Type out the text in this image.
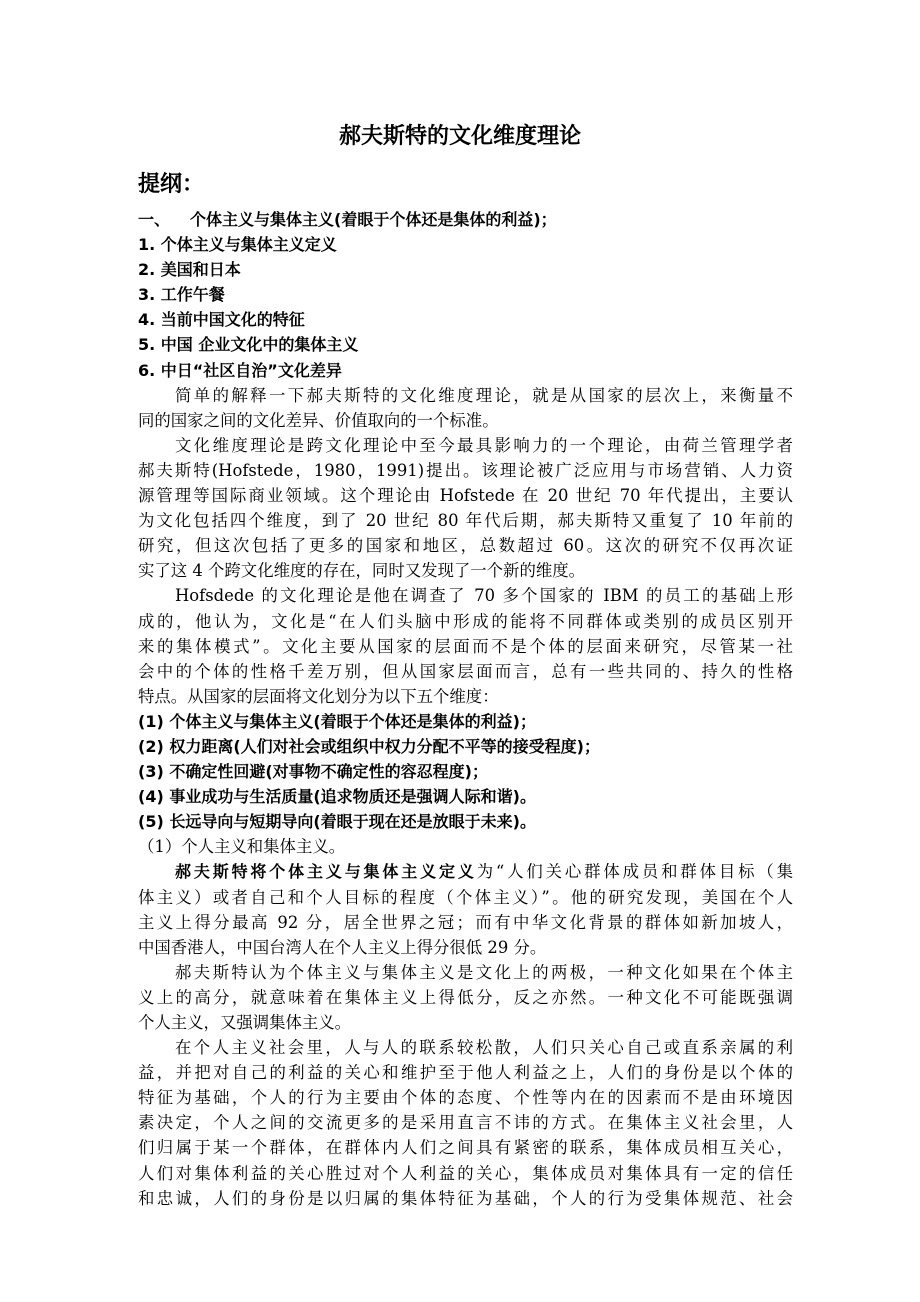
郝夫斯特的文化维度理论
提纲：
一、 个体主义与集体主义(着眼于个体还是集体的利益)；
1. 个体主义与集体主义定义
2. 美国和日本
3. 工作午餐
4. 当前中国文化的特征
5. 中国 企业文化中的集体主义
6. 中日“社区自治”文化差异
简单的解释一下郝夫斯特的文化维度理论，就是从国家的层次上，来衡量不
同的国家之间的文化差异、价值取向的一个标准。
文化维度理论是跨文化理论中至今最具影响力的一个理论，由荷兰管理学者
郝夫斯特(Hofstede，1980，1991)提出。该理论被广泛应用与市场营销、人力资
源管理等国际商业领域。这个理论由 Hofstede 在 20 世纪 70 年代提出，主要认
为文化包括四个维度，到了 20 世纪 80 年代后期，郝夫斯特又重复了 10 年前的
研究，但这次包括了更多的国家和地区，总数超过 60。这次的研究不仅再次证
实了这 4 个跨文化维度的存在，同时又发现了一个新的维度。
Hofsdede 的文化理论是他在调查了 70 多个国家的 IBM 的员工的基础上形
成的，他认为，文化是“在人们头脑中形成的能将不同群体或类别的成员区别开
来的集体模式”。文化主要从国家的层面而不是个体的层面来研究，尽管某一社
会中的个体的性格千差万别，但从国家层面而言，总有一些共同的、持久的性格
特点。从国家的层面将文化划分为以下五个维度：
(1) 个体主义与集体主义(着眼于个体还是集体的利益)；
(2) 权力距离(人们对社会或组织中权力分配不平等的接受程度)；
(3) 不确定性回避(对事物不确定性的容忍程度)；
(4) 事业成功与生活质量(追求物质还是强调人际和谐)。
(5) 长远导向与短期导向(着眼于现在还是放眼于未来)。
（1）个人主义和集体主义。
郝夫斯特将个体主义与集体主义定义为“人们关心群体成员和群体目标（集
体主义）或者自己和个人目标的程度（个体主义）”。他的研究发现，美国在个人
主义上得分最高 92 分，居全世界之冠；而有中华文化背景的群体如新加坡人，
中国香港人，中国台湾人在个人主义上得分很低 29 分。
郝夫斯特认为个体主义与集体主义是文化上的两极，一种文化如果在个体主
义上的高分，就意味着在集体主义上得低分，反之亦然。一种文化不可能既强调
个人主义，又强调集体主义。
在个人主义社会里，人与人的联系较松散，人们只关心自己或直系亲属的利
益，并把对自己的利益的关心和维护至于他人利益之上，人们的身份是以个体的
特征为基础，个人的行为主要由个体的态度、个性等内在的因素而不是由环境因
素决定，个人之间的交流更多的是采用直言不讳的方式。在集体主义社会里，人
们归属于某一个群体，在群体内人们之间具有紧密的联系，集体成员相互关心，
人们对集体利益的关心胜过对个人利益的关心，集体成员对集体具有一定的信任
和忠诚，人们的身份是以归属的集体特征为基础，个人的行为受集体规范、社会
